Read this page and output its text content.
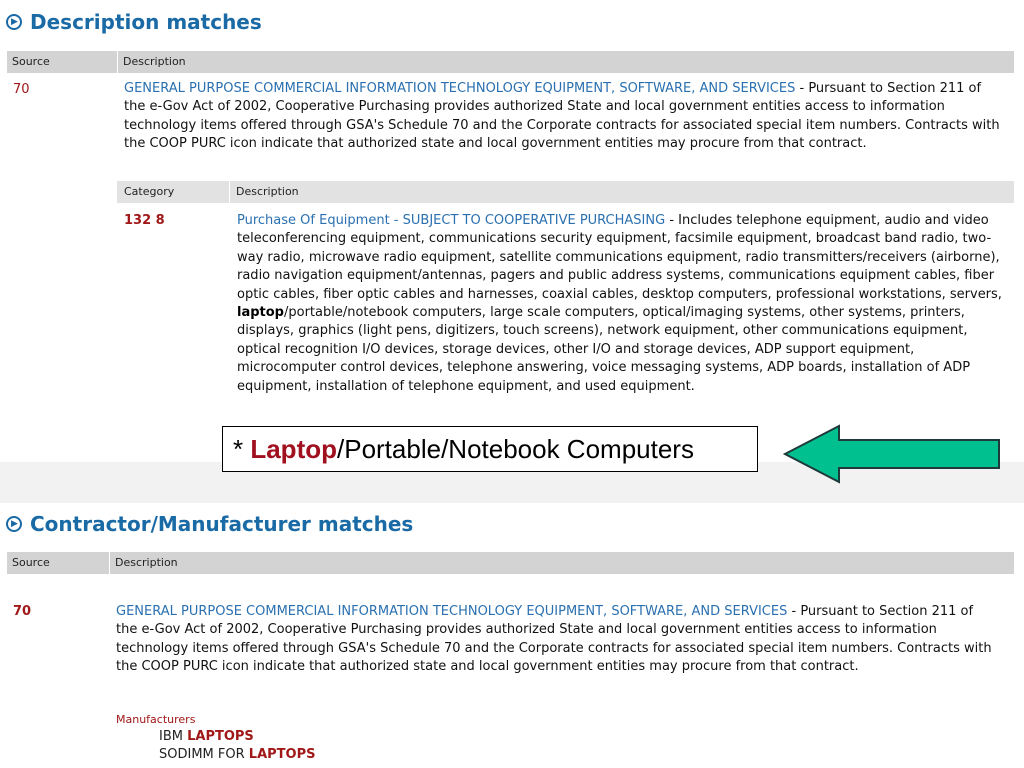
▶ Description matches
Source	Description
70	GENERAL PURPOSE COMMERCIAL INFORMATION TECHNOLOGY EQUIPMENT, SOFTWARE, AND SERVICES - Pursuant to Section 211 of the e-Gov Act of 2002, Cooperative Purchasing provides authorized State and local government entities access to information technology items offered through GSA's Schedule 70 and the Corporate contracts for associated special item numbers. Contracts with the COOP PURC icon indicate that authorized state and local government entities may procure from that contract.
Category	Description
132 8	Purchase Of Equipment - SUBJECT TO COOPERATIVE PURCHASING - Includes telephone equipment, audio and video teleconferencing equipment, communications security equipment, facsimile equipment, broadcast band radio, two-way radio, microwave radio equipment, satellite communications equipment, radio transmitters/receivers (airborne), radio navigation equipment/antennas, pagers and public address systems, communications equipment cables, fiber optic cables, fiber optic cables and harnesses, coaxial cables, desktop computers, professional workstations, servers, laptop/portable/notebook computers, large scale computers, optical/imaging systems, other systems, printers, displays, graphics (light pens, digitizers, touch screens), network equipment, other communications equipment, optical recognition I/O devices, storage devices, other I/O and storage devices, ADP support equipment, microcomputer control devices, telephone answering, voice messaging systems, ADP boards, installation of ADP equipment, installation of telephone equipment, and used equipment.
* Laptop/Portable/Notebook Computers
▶ Contractor/Manufacturer matches
Source	Description
70	GENERAL PURPOSE COMMERCIAL INFORMATION TECHNOLOGY EQUIPMENT, SOFTWARE, AND SERVICES - Pursuant to Section 211 of the e-Gov Act of 2002, Cooperative Purchasing provides authorized State and local government entities access to information technology items offered through GSA's Schedule 70 and the Corporate contracts for associated special item numbers. Contracts with the COOP PURC icon indicate that authorized state and local government entities may procure from that contract.
Manufacturers
IBM LAPTOPS
SODIMM FOR LAPTOPS
